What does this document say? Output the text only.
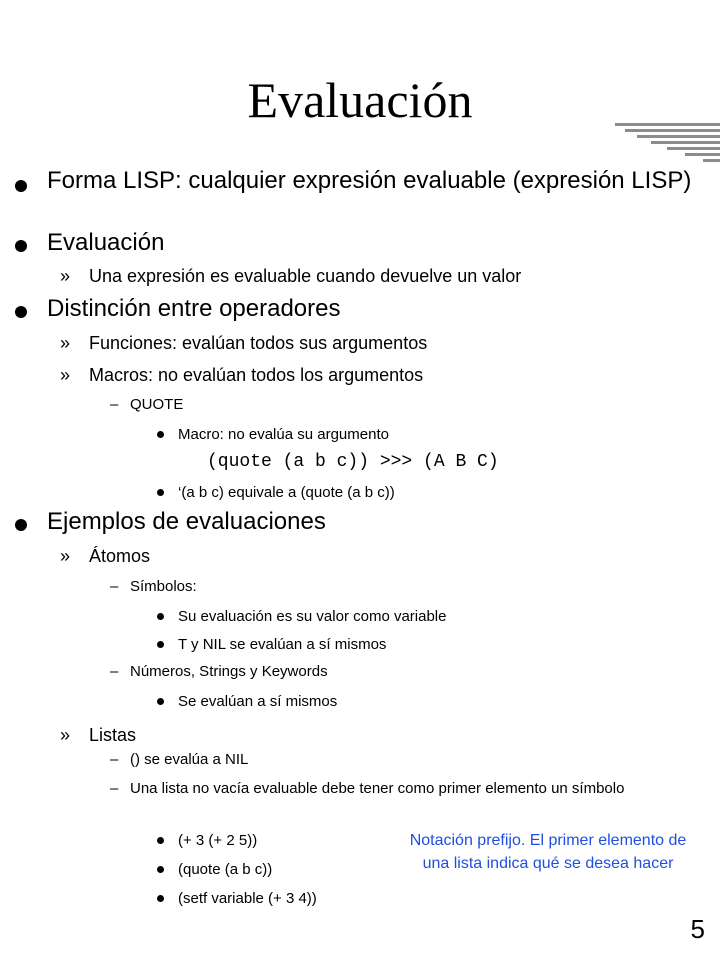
Evaluación
Forma LISP: cualquier expresión evaluable (expresión LISP)
Evaluación
» Una expresión es evaluable cuando devuelve un valor
Distinción entre operadores
» Funciones: evalúan todos sus argumentos
» Macros: no evalúan todos los argumentos
– QUOTE
Macro: no evalúa su argumento
(quote (a b c)) >>> (A B C)
‘(a b c) equivale a (quote (a b c))
Ejemplos de evaluaciones
» Átomos
– Símbolos:
Su evaluación es su valor como variable
T y NIL se evalúan a sí mismos
– Números, Strings y Keywords
Se evalúan a sí mismos
» Listas
– () se evalúa a NIL
– Una lista no vacía evaluable debe tener como primer elemento un símbolo
(+ 3 (+ 2 5))
(quote (a b c))
(setf variable (+ 3 4))
Notación prefijo. El primer elemento de una lista indica qué se desea hacer
5
